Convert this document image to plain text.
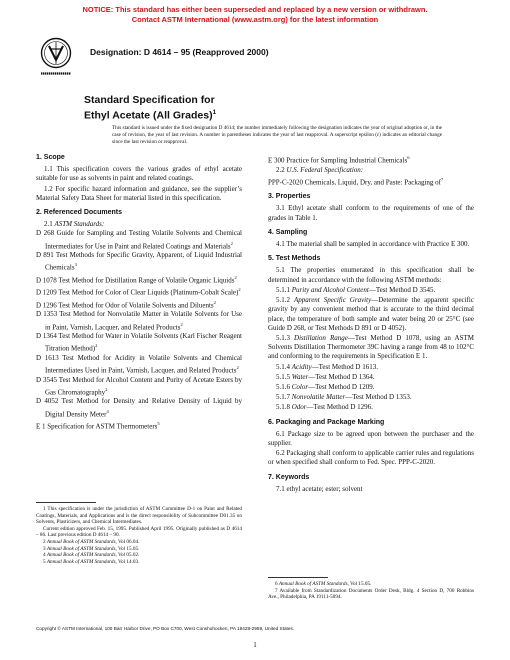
NOTICE: This standard has either been superseded and replaced by a new version or withdrawn.
Contact ASTM International (www.astm.org) for the latest information
Designation: D 4614 – 95 (Reapproved 2000)
Standard Specification for
Ethyl Acetate (All Grades)$^1$

This standard is issued under the fixed designation D 4614; the number immediately following the designation indicates the year of original adoption or, in the case of revision, the year of last revision. A number in parentheses indicates the year of last reapproval. A superscript epsilon (ε) indicates an editorial change since the last revision or reapproval.

1. Scope

1.1 This specification covers the various grades of ethyl acetate suitable for use as solvents in paint and related coatings.

1.2 For specific hazard information and guidance, see the supplier’s Material Safety Data Sheet for material listed in this specification.

2. Referenced Documents

2.1 ASTM Standards:

D 268 Guide for Sampling and Testing Volatile Solvents and Chemical Intermediates for Use in Paint and Related Coatings and Materials$^2$

D 891 Test Methods for Specific Gravity, Apparent, of Liquid Industrial Chemicals$^3$

D 1078 Test Method for Distillation Range of Volatile Organic Liquids$^2$

D 1209 Test Method for Color of Clear Liquids (Platinum-Cobalt Scale)$^2$

D 1296 Test Method for Odor of Volatile Solvents and Diluents$^2$

D 1353 Test Method for Nonvolatile Matter in Volatile Solvents for Use in Paint, Varnish, Lacquer, and Related Products$^2$

D 1364 Test Method for Water in Volatile Solvents (Karl Fischer Reagent Titration Method)$^2$

D 1613 Test Method for Acidity in Volatile Solvents and Chemical Intermediates Used in Paint, Varnish, Lacquer, and Related Products$^2$

D 3545 Test Method for Alcohol Content and Purity of Acetate Esters by Gas Chromatography$^2$

D 4052 Test Method for Density and Relative Density of Liquid by Digital Density Meter$^4$

E 1 Specification for ASTM Thermometers$^5$

E 300 Practice for Sampling Industrial Chemicals$^6$

2.2 U.S. Federal Specification:

PPP-C-2020 Chemicals, Liquid, Dry, and Paste: Packaging $of^7$

3. Properties

3.1 Ethyl acetate shall conform to the requirements of one of the grades in Table 1.

4. Sampling

4.1 The material shall be sampled in accordance with Practice E 300.

5. Test Methods

5.1 The properties enumerated in this specification shall be determined in accordance with the following ASTM methods:

5.1.1 Purity and Alcohol Content—Test Method D 3545.

5.1.2 Apparent Specific Gravity—Determine the apparent specific gravity by any convenient method that is accurate to the third decimal place, the temperature of both sample and water being 20 or 25°C (see Guide D 268, or Test Methods D 891 or D 4052).

5.1.3 Distillation Range—Test Method D 1078, using an ASTM Solvents Distillation Thermometer 39C having a range from 48 to 102°C and conforming to the requirements in Specification E 1.

5.1.4 Acidity—Test Method D 1613.

5.1.5 Water—Test Method D 1364.

5.1.6 Color—Test Method D 1209.

5.1.7 Nonvolatile Matter—Test Method D 1353.

5.1.8 Odor—Test Method D 1296.

6. Packaging and Package Marking

6.1 Package size to be agreed upon between the purchaser and the supplier.

6.2 Packaging shall conform to applicable carrier rules and regulations or when specified shall conform to Fed. Spec. PPP-C-2020.

7. Keywords

7.1 ethyl acetate; ester; solvent

1 This specification is under the jurisdiction of ASTM Committee D-1 on Paint and Related Coatings, Materials, and Applications and is the direct responsibility of Subcommittee D01.35 on Solvents, Plasticizers, and Chemical Intermediates.

Current edition approved Feb. 15, 1995. Published April 1995. Originally published as D 4614 – 86. Last previous edition D 4614 – 90.

2 Annual Book of ASTM Standards, Vol 06.04.

3 Annual Book of ASTM Standards, Vol 15.05.

4 Annual Book of ASTM Standards, Vol 05.02.

5 Annual Book of ASTM Standards, Vol 14.03.

6 Annual Book of ASTM Standards, Vol 15.05.

7 Available from Standardization Documents Order Desk, Bldg. 4 Section D, 700 Robbins Ave., Philadelphia, PA 19111-5094.

Copyright © ASTM International, 100 Barr Harbor Drive, PO Box C700, West Conshohocken, PA 19428-2959, United States.
1
